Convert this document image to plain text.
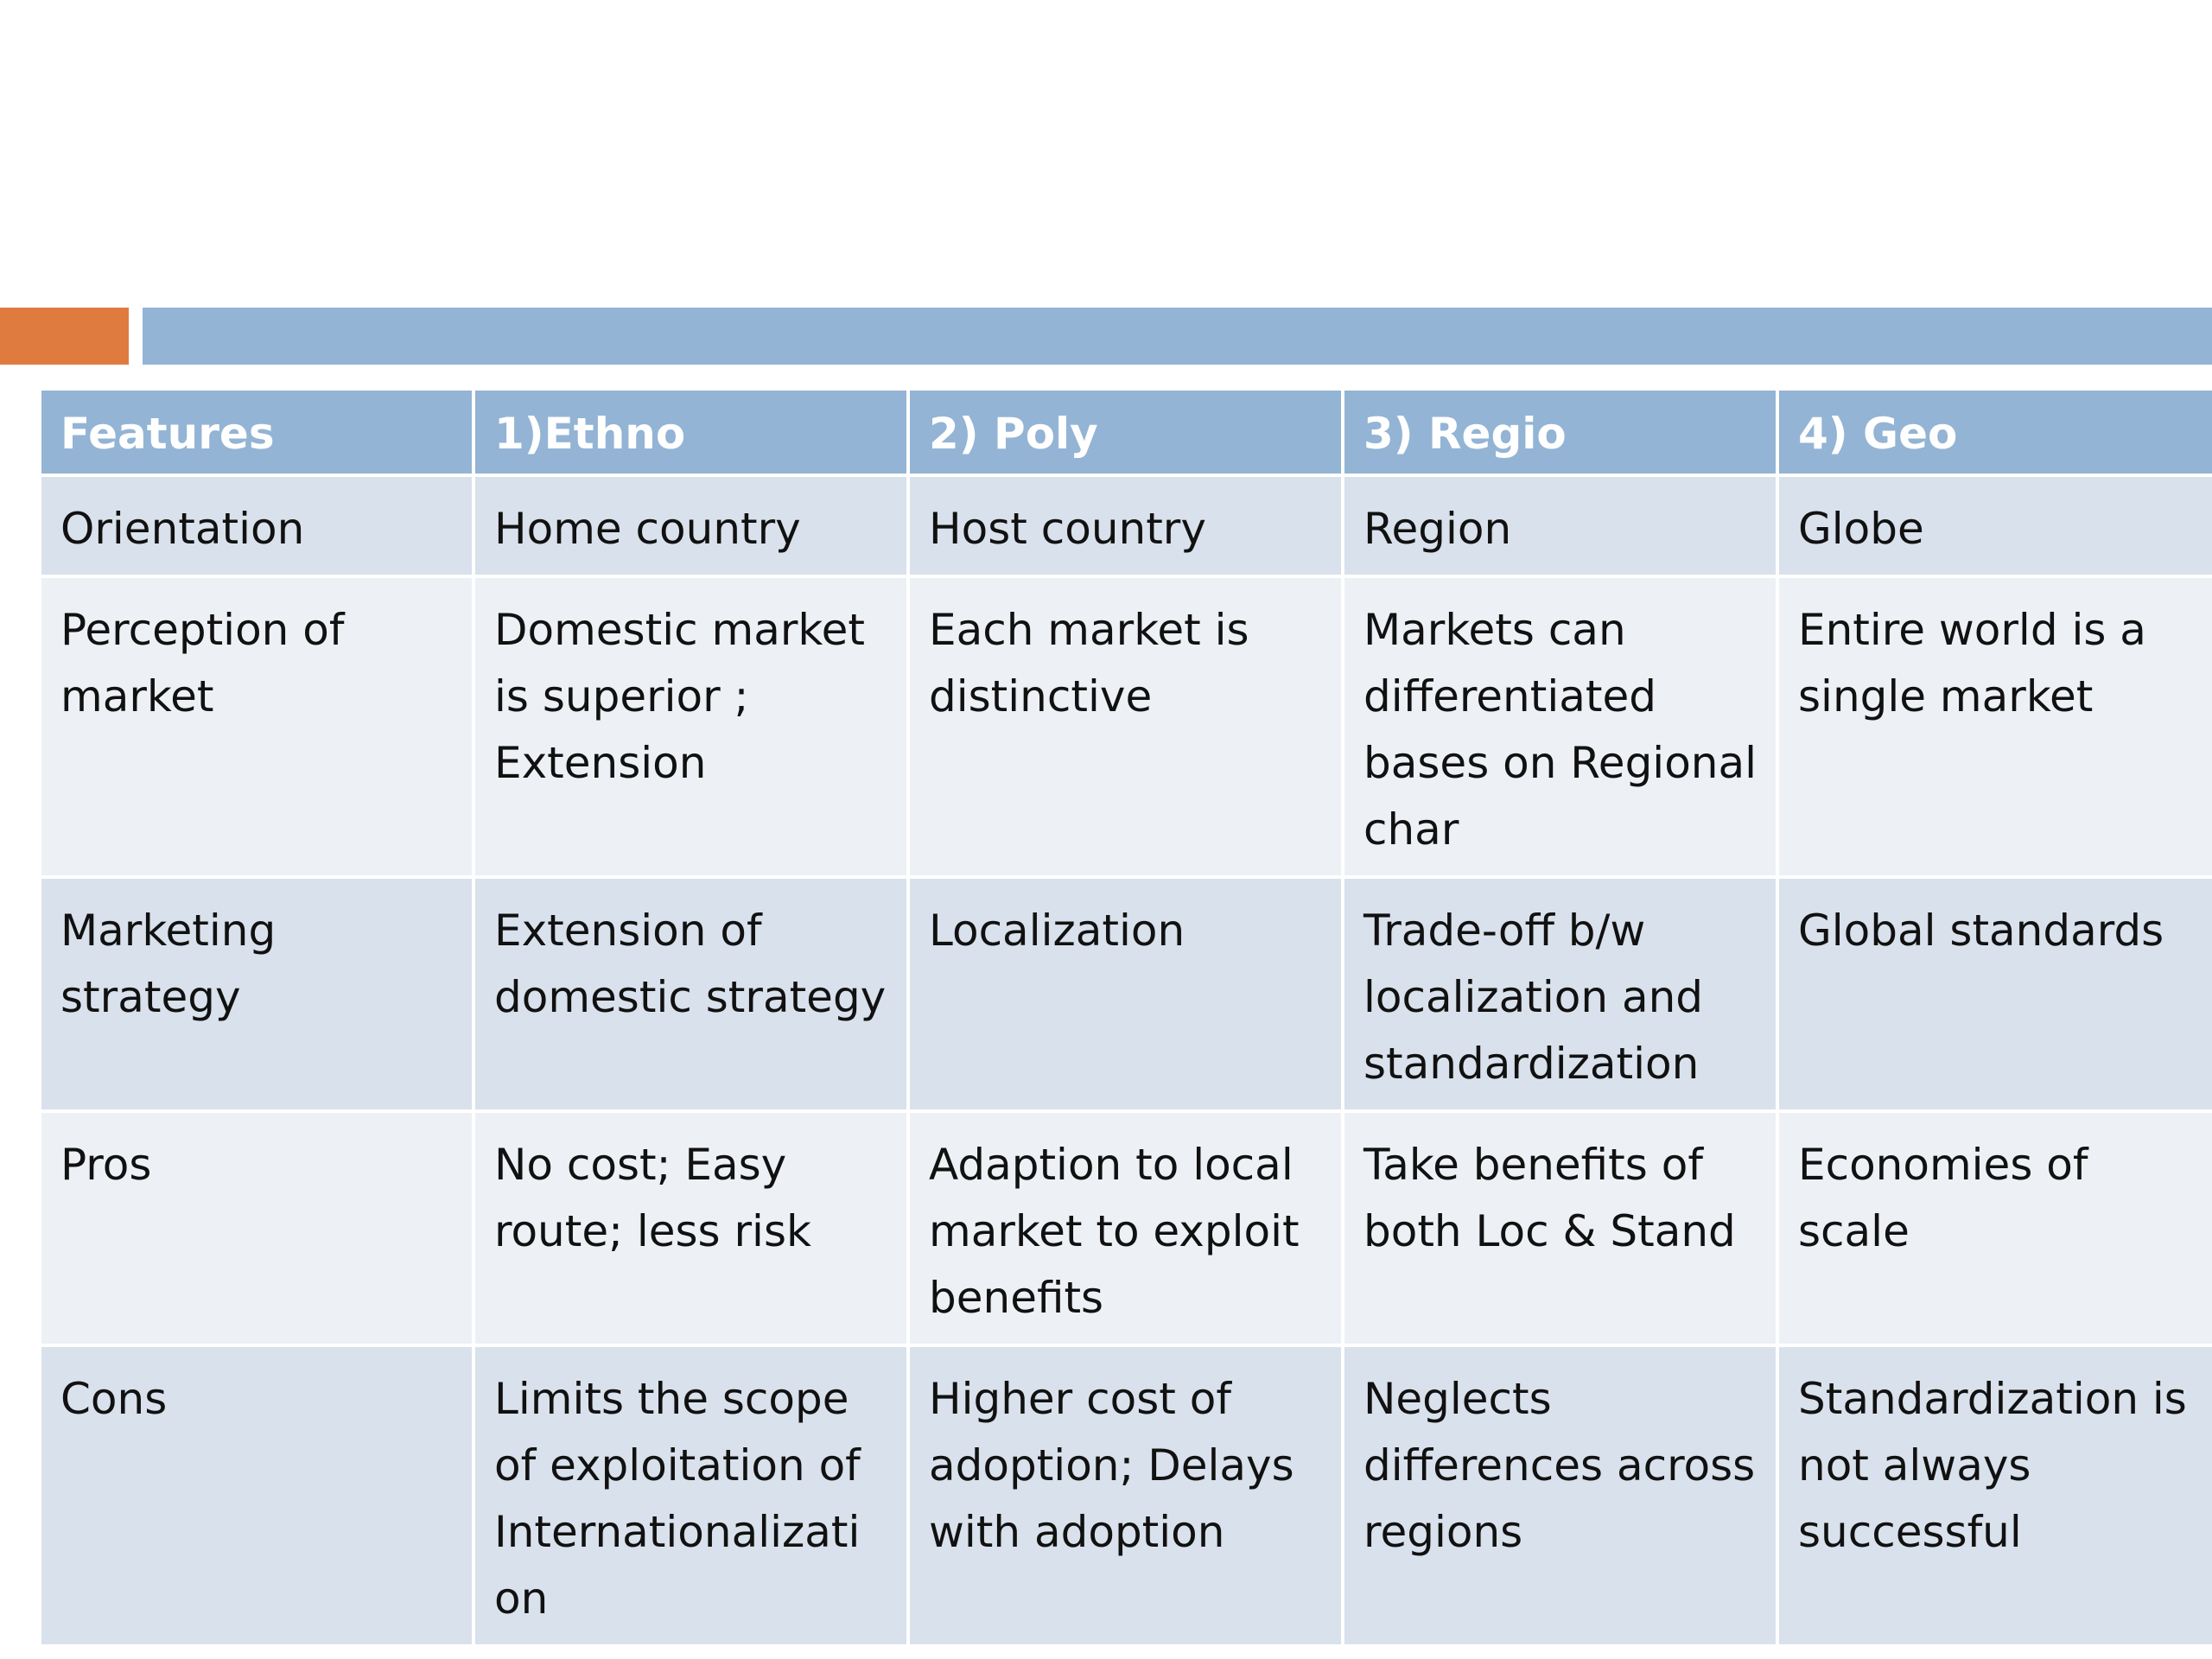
Features	1)Ethno	2) Poly	3) Regio	4) Geo
Orientation	Home country	Host country	Region	Globe
Perception of market	Domestic market is superior ; Extension	Each market is distinctive	Markets can differentiated bases on Regional char	Entire world is a single market
Marketing strategy	Extension of domestic strategy	Localization	Trade-off b/w localization and standardization	Global standards
Pros	No cost; Easy route; less risk	Adaption to local market to exploit benefits	Take benefits of both Loc & Stand	Economies of scale
Cons	Limits the scope of exploitation of Internationalizati on	Higher cost of adoption; Delays with adoption	Neglects differences across regions	Standardization is not always successful
